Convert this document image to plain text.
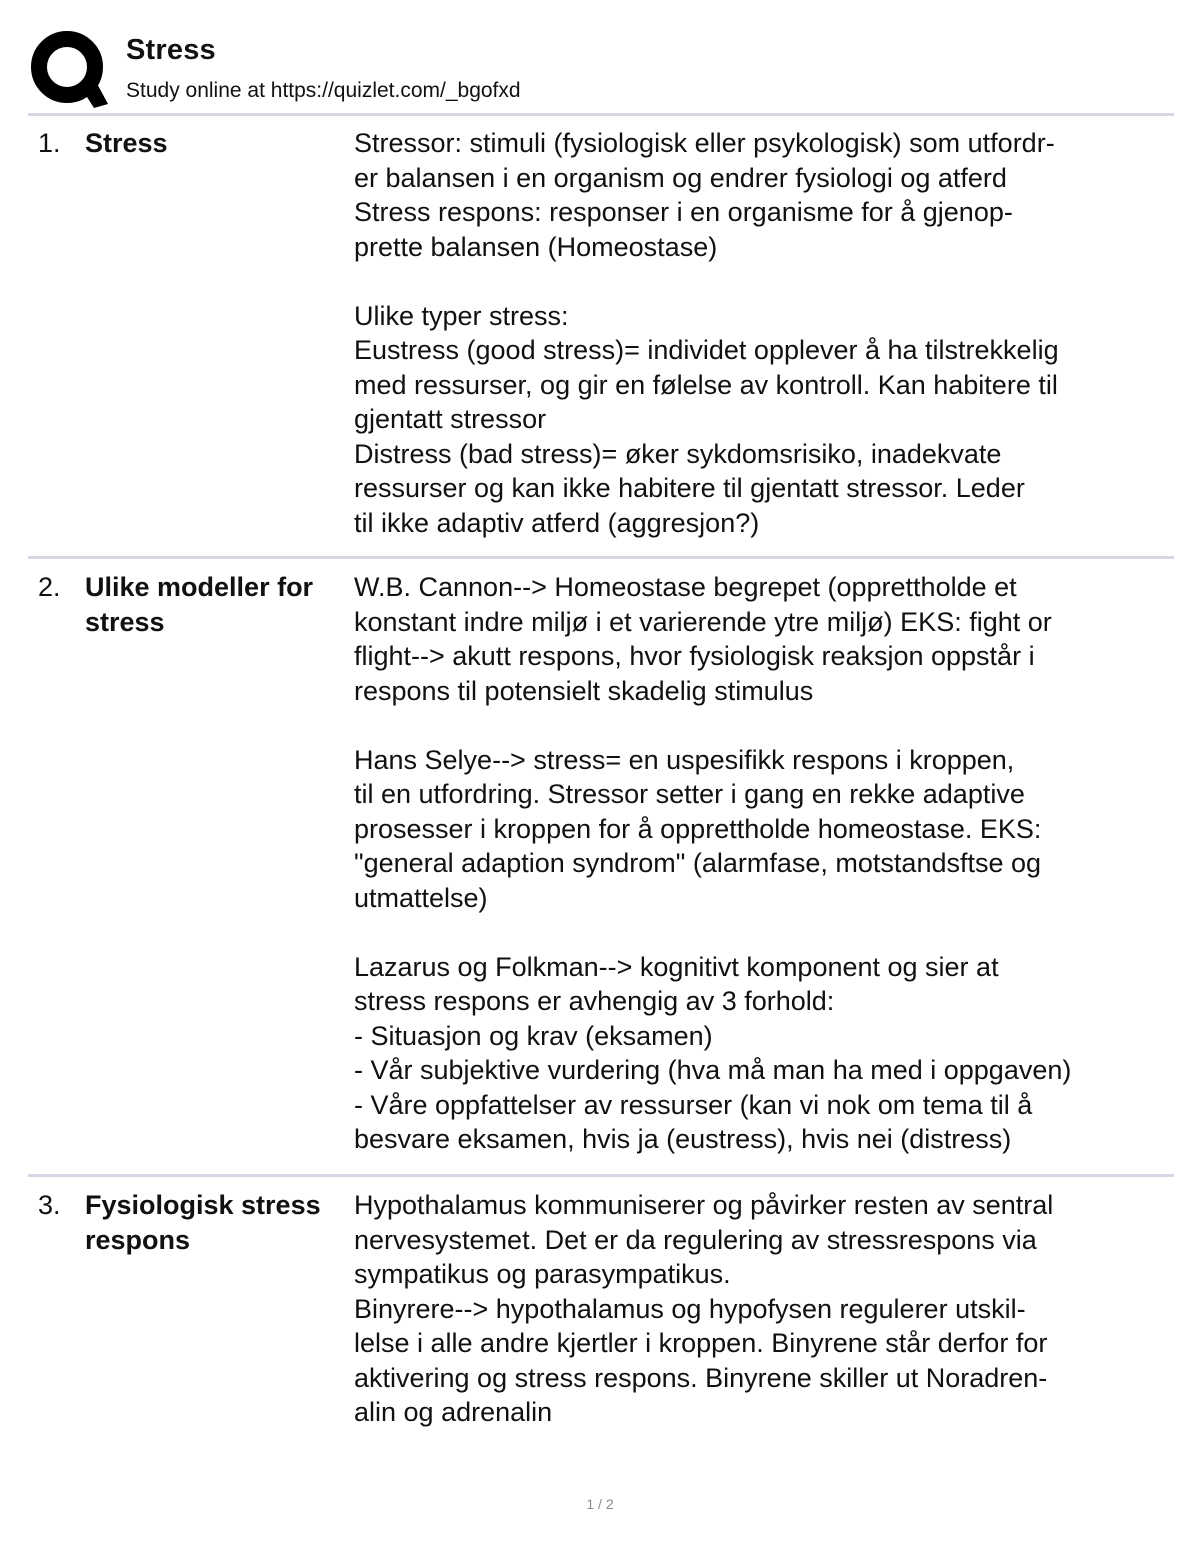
Stress
Study online at https://quizlet.com/_bgofxd
1. Stress	Stressor: stimuli (fysiologisk eller psykologisk) som utfordr-
er balansen i en organism og endrer fysiologi og atferd
Stress respons: responser i en organisme for å gjenop-
prette balansen (Homeostase)

Ulike typer stress:
Eustress (good stress)= individet opplever å ha tilstrekkelig
med ressurser, og gir en følelse av kontroll. Kan habitere til
gjentatt stressor
Distress (bad stress)= øker sykdomsrisiko, inadekvate
ressurser og kan ikke habitere til gjentatt stressor. Leder
til ikke adaptiv atferd (aggresjon?)
2. Ulike modeller for stress
W.B. Cannon--> Homeostase begrepet (opprettholde et
konstant indre miljø i et varierende ytre miljø) EKS: fight or
flight--> akutt respons, hvor fysiologisk reaksjon oppstår i
respons til potensielt skadelig stimulus

Hans Selye--> stress= en uspesifikk respons i kroppen,
til en utfordring. Stressor setter i gang en rekke adaptive
prosesser i kroppen for å opprettholde homeostase. EKS:
"general adaption syndrom" (alarmfase, motstandsftse og
utmattelse)

Lazarus og Folkman--> kognitivt komponent og sier at
stress respons er avhengig av 3 forhold:
- Situasjon og krav (eksamen)
- Vår subjektive vurdering (hva må man ha med i oppgaven)
- Våre oppfattelser av ressurser (kan vi nok om tema til å
besvare eksamen, hvis ja (eustress), hvis nei (distress)
3. Fysiologisk stress respons
Hypothalamus kommuniserer og påvirker resten av sentral
nervesystemet. Det er da regulering av stressrespons via
sympatikus og parasympatikus.
Binyrere--> hypothalamus og hypofysen regulerer utskil-
lelse i alle andre kjertler i kroppen. Binyrene står derfor for
aktivering og stress respons. Binyrene skiller ut Noradren-
alin og adrenalin
1 / 2
